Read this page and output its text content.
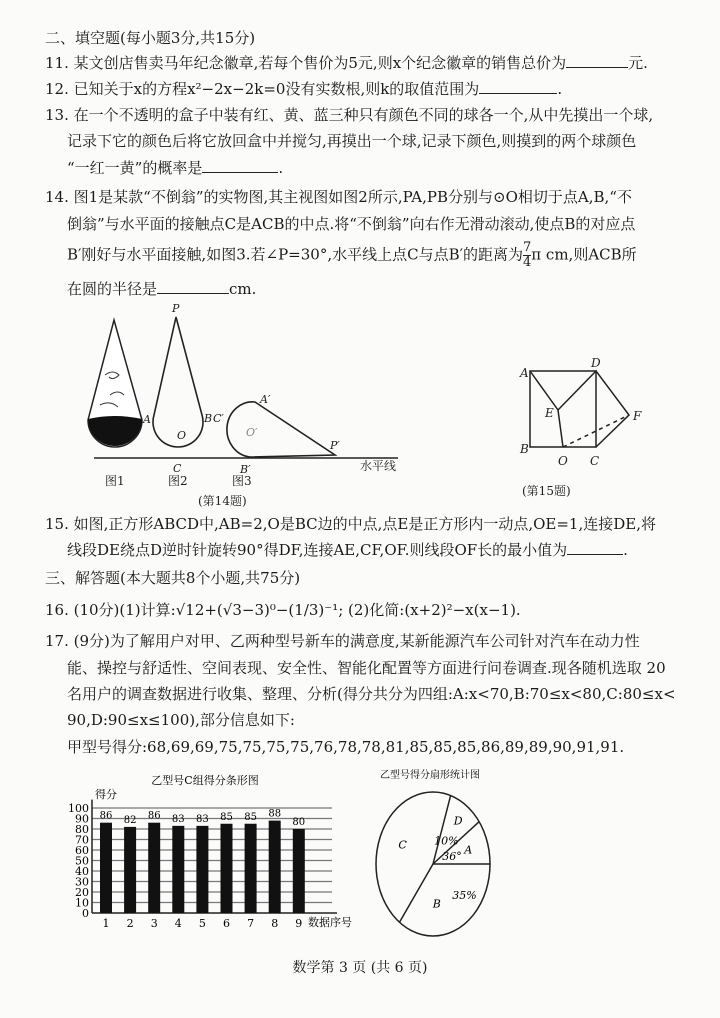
二、填空题(每小题3分,共15分)
11. 某文创店售卖马年纪念徽章,若每个售价为5元,则x个纪念徽章的销售总价为	元.
12. 已知关于x的方程x²−2x−2k=0没有实数根,则k的取值范围为	.
13. 在一个不透明的盒子中装有红、黄、蓝三种只有颜色不同的球各一个,从中先摸出一个球,
记录下它的颜色后将它放回盒中并搅匀,再摸出一个球,记录下颜色,则摸到的两个球颜色
“一红一黄”的概率是	.
14. 图1是某款“不倒翁”的实物图,其主视图如图2所示,PA,PB分别与⊙O相切于点A,B,“不
倒翁”与水平面的接触点C是ACB的中点.将“不倒翁”向右作无滑动滚动,使点B的对应点
B′刚好与水平面接触,如图3.若∠P=30°,水平线上点C与点B′的距离为 $\frac{7}{4}$ π cm,则ACB所
在圆的半径是	cm.
P
A	B
O
C
A′
C′
O′
B′
P′
水平线
图1	图2	图3
(第14题)
(第15题)
A
B
C
D
E	F
O
15. 如图,正方形ABCD中,AB=2,O是BC边的中点,点E是正方形内一动点,OE=1,连接DE,将
线段DE绕点D逆时针旋转90°得DF,连接AE,CF,OF.则线段OF长的最小值为	.
三、解答题(本大题共8个小题,共75分)
16. (10分)(1)计算:√12+(√3−3)⁰−(1/3)⁻¹; (2)化简:(x+2)²−x(x−1).
17. (9分)为了解用户对甲、乙两种型号新车的满意度,某新能源汽车公司针对汽车在动力性
能、操控与舒适性、空间表现、安全性、智能化配置等方面进行问卷调查.现各随机选取 20
名用户的调查数据进行收集、整理、分析(得分共分为四组:A:x<70,B:70≤x<80,C:80≤x<
90,D:90≤x≤100),部分信息如下:
甲型号得分:68,69,69,75,75,75,75,76,78,78,81,85,85,85,86,89,89,90,91,91.
乙型号C组得分条形图
得分
数据序号
乙型号得分扇形统计图
0
10
20
30
40
50
60
70
80
90
100
86
1
82
2
86
3
83
4
83
5
85
6
85
7
88
8
80
9
A
D
10%
C
B
35%
36°
数学第 3 页 (共 6 页)
